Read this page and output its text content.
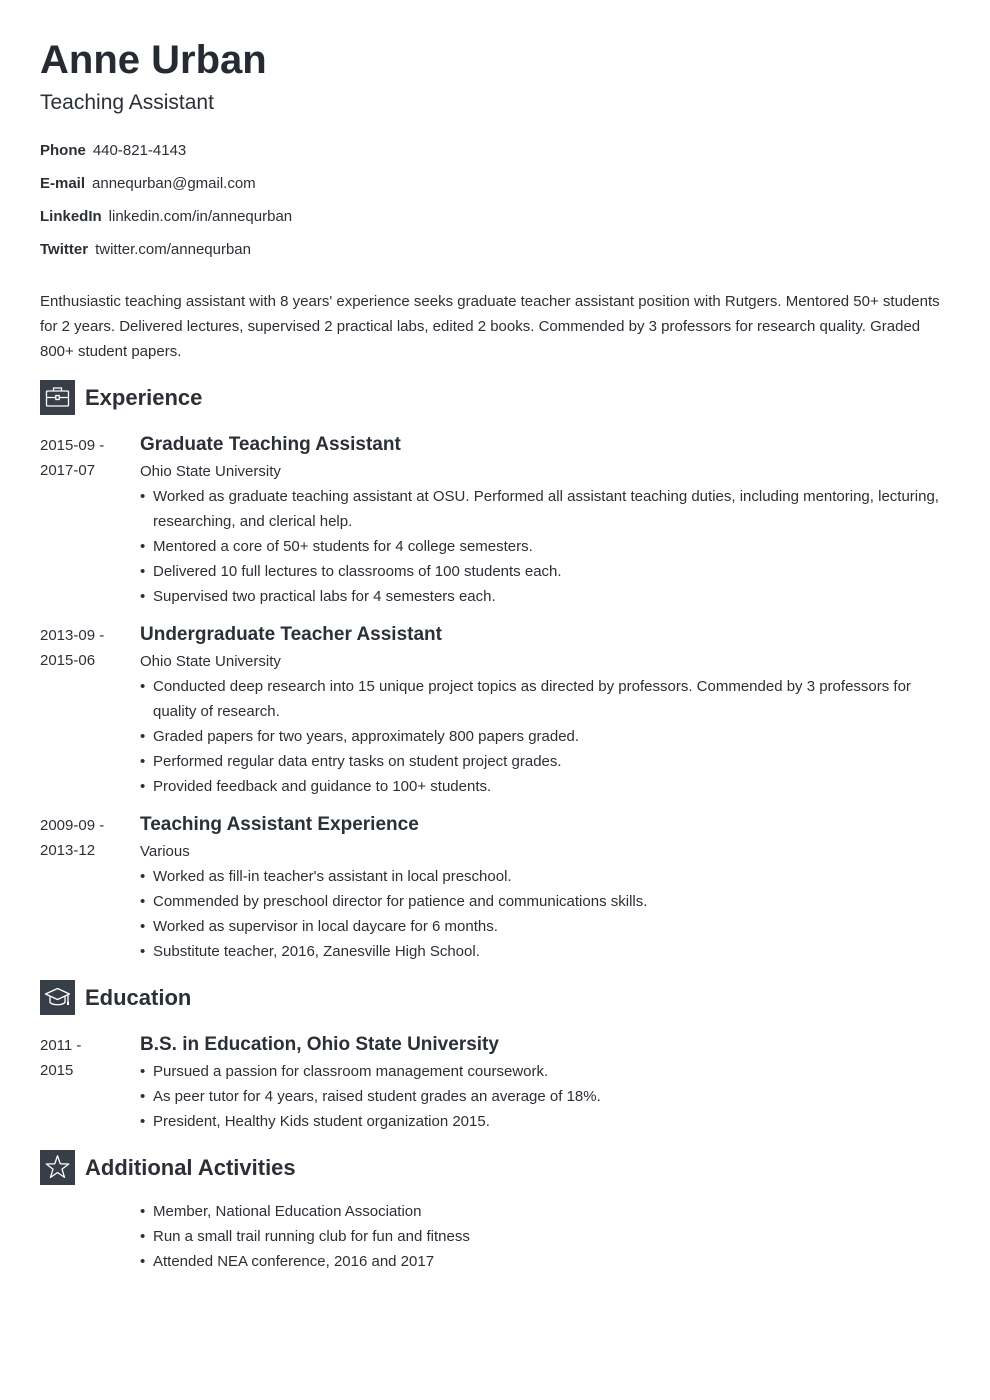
Anne Urban
Teaching Assistant
Phone 440-821-4143
E-mail annequrban@gmail.com
LinkedIn linkedin.com/in/annequrban
Twitter twitter.com/annequrban
Enthusiastic teaching assistant with 8 years' experience seeks graduate teacher assistant position with Rutgers. Mentored 50+ students for 2 years. Delivered lectures, supervised 2 practical labs, edited 2 books. Commended by 3 professors for research quality. Graded 800+ student papers.
Experience
2015-09 -
2017-07
Graduate Teaching Assistant
Ohio State University
• Worked as graduate teaching assistant at OSU. Performed all assistant teaching duties, including mentoring, lecturing, researching, and clerical help.
• Mentored a core of 50+ students for 4 college semesters.
• Delivered 10 full lectures to classrooms of 100 students each.
• Supervised two practical labs for 4 semesters each.
2013-09 -
2015-06
Undergraduate Teacher Assistant
Ohio State University
• Conducted deep research into 15 unique project topics as directed by professors. Commended by 3 professors for quality of research.
• Graded papers for two years, approximately 800 papers graded.
• Performed regular data entry tasks on student project grades.
• Provided feedback and guidance to 100+ students.
2009-09 -
2013-12
Teaching Assistant Experience
Various
• Worked as fill-in teacher's assistant in local preschool.
• Commended by preschool director for patience and communications skills.
• Worked as supervisor in local daycare for 6 months.
• Substitute teacher, 2016, Zanesville High School.
Education
2011 -
2015
B.S. in Education, Ohio State University
• Pursued a passion for classroom management coursework.
• As peer tutor for 4 years, raised student grades an average of 18%.
• President, Healthy Kids student organization 2015.
Additional Activities
• Member, National Education Association
• Run a small trail running club for fun and fitness
• Attended NEA conference, 2016 and 2017
